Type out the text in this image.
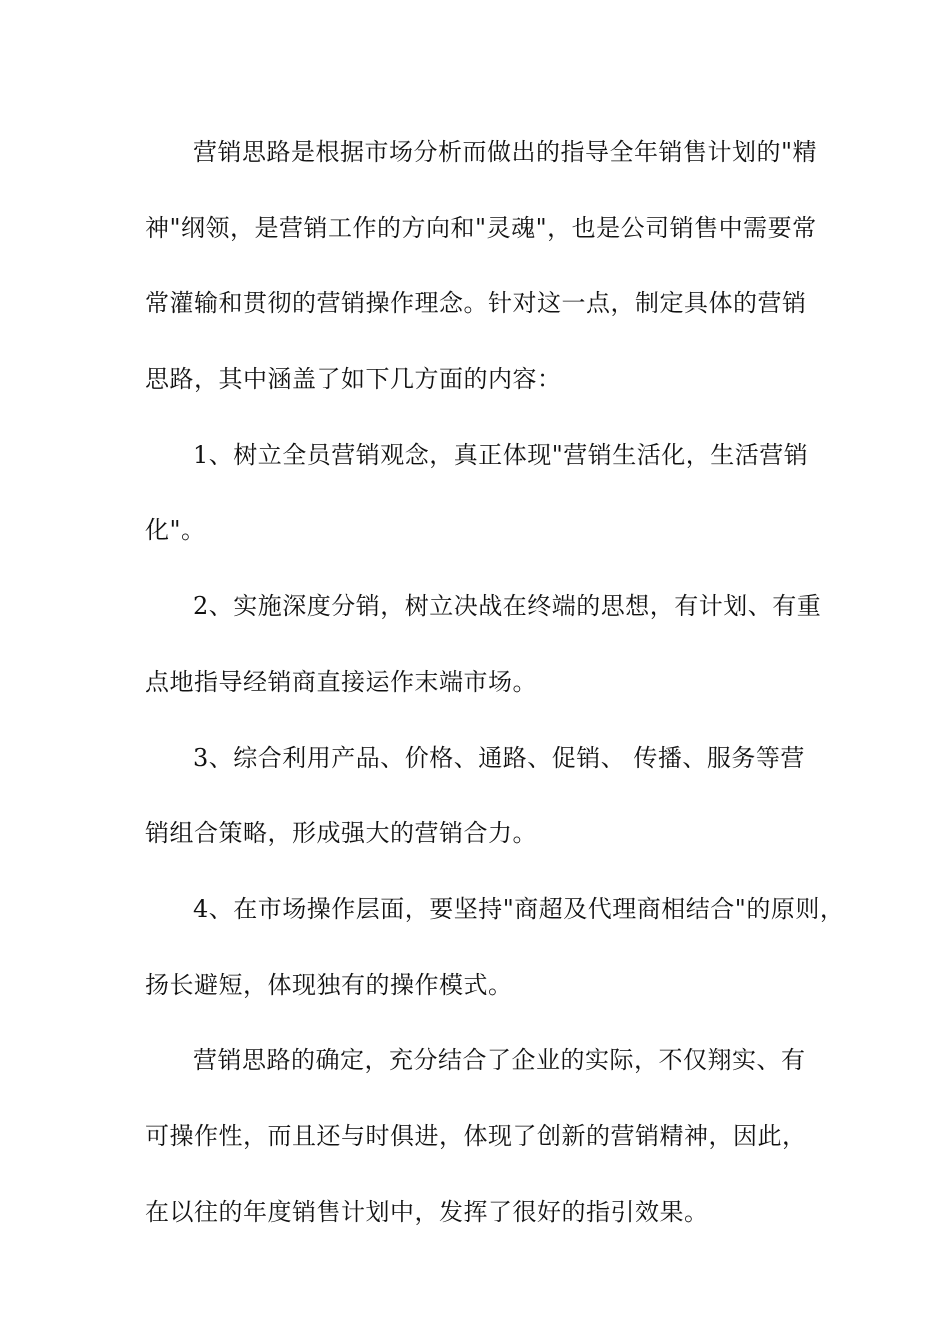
营销思路是根据市场分析而做出的指导全年销售计划的"精
神"纲领，是营销工作的方向和"灵魂"，也是公司销售中需要常
常灌输和贯彻的营销操作理念。针对这一点，制定具体的营销
思路，其中涵盖了如下几方面的内容：
1、树立全员营销观念，真正体现"营销生活化，生活营销
化"。
2、实施深度分销，树立决战在终端的思想，有计划、有重
点地指导经销商直接运作末端市场。
3、综合利用产品、价格、通路、促销、 传播、服务等营
销组合策略，形成强大的营销合力。
4、在市场操作层面，要坚持"商超及代理商相结合"的原则，
扬长避短，体现独有的操作模式。
营销思路的确定，充分结合了企业的实际，不仅翔实、有
可操作性，而且还与时俱进，体现了创新的营销精神，因此，
在以往的年度销售计划中，发挥了很好的指引效果。
